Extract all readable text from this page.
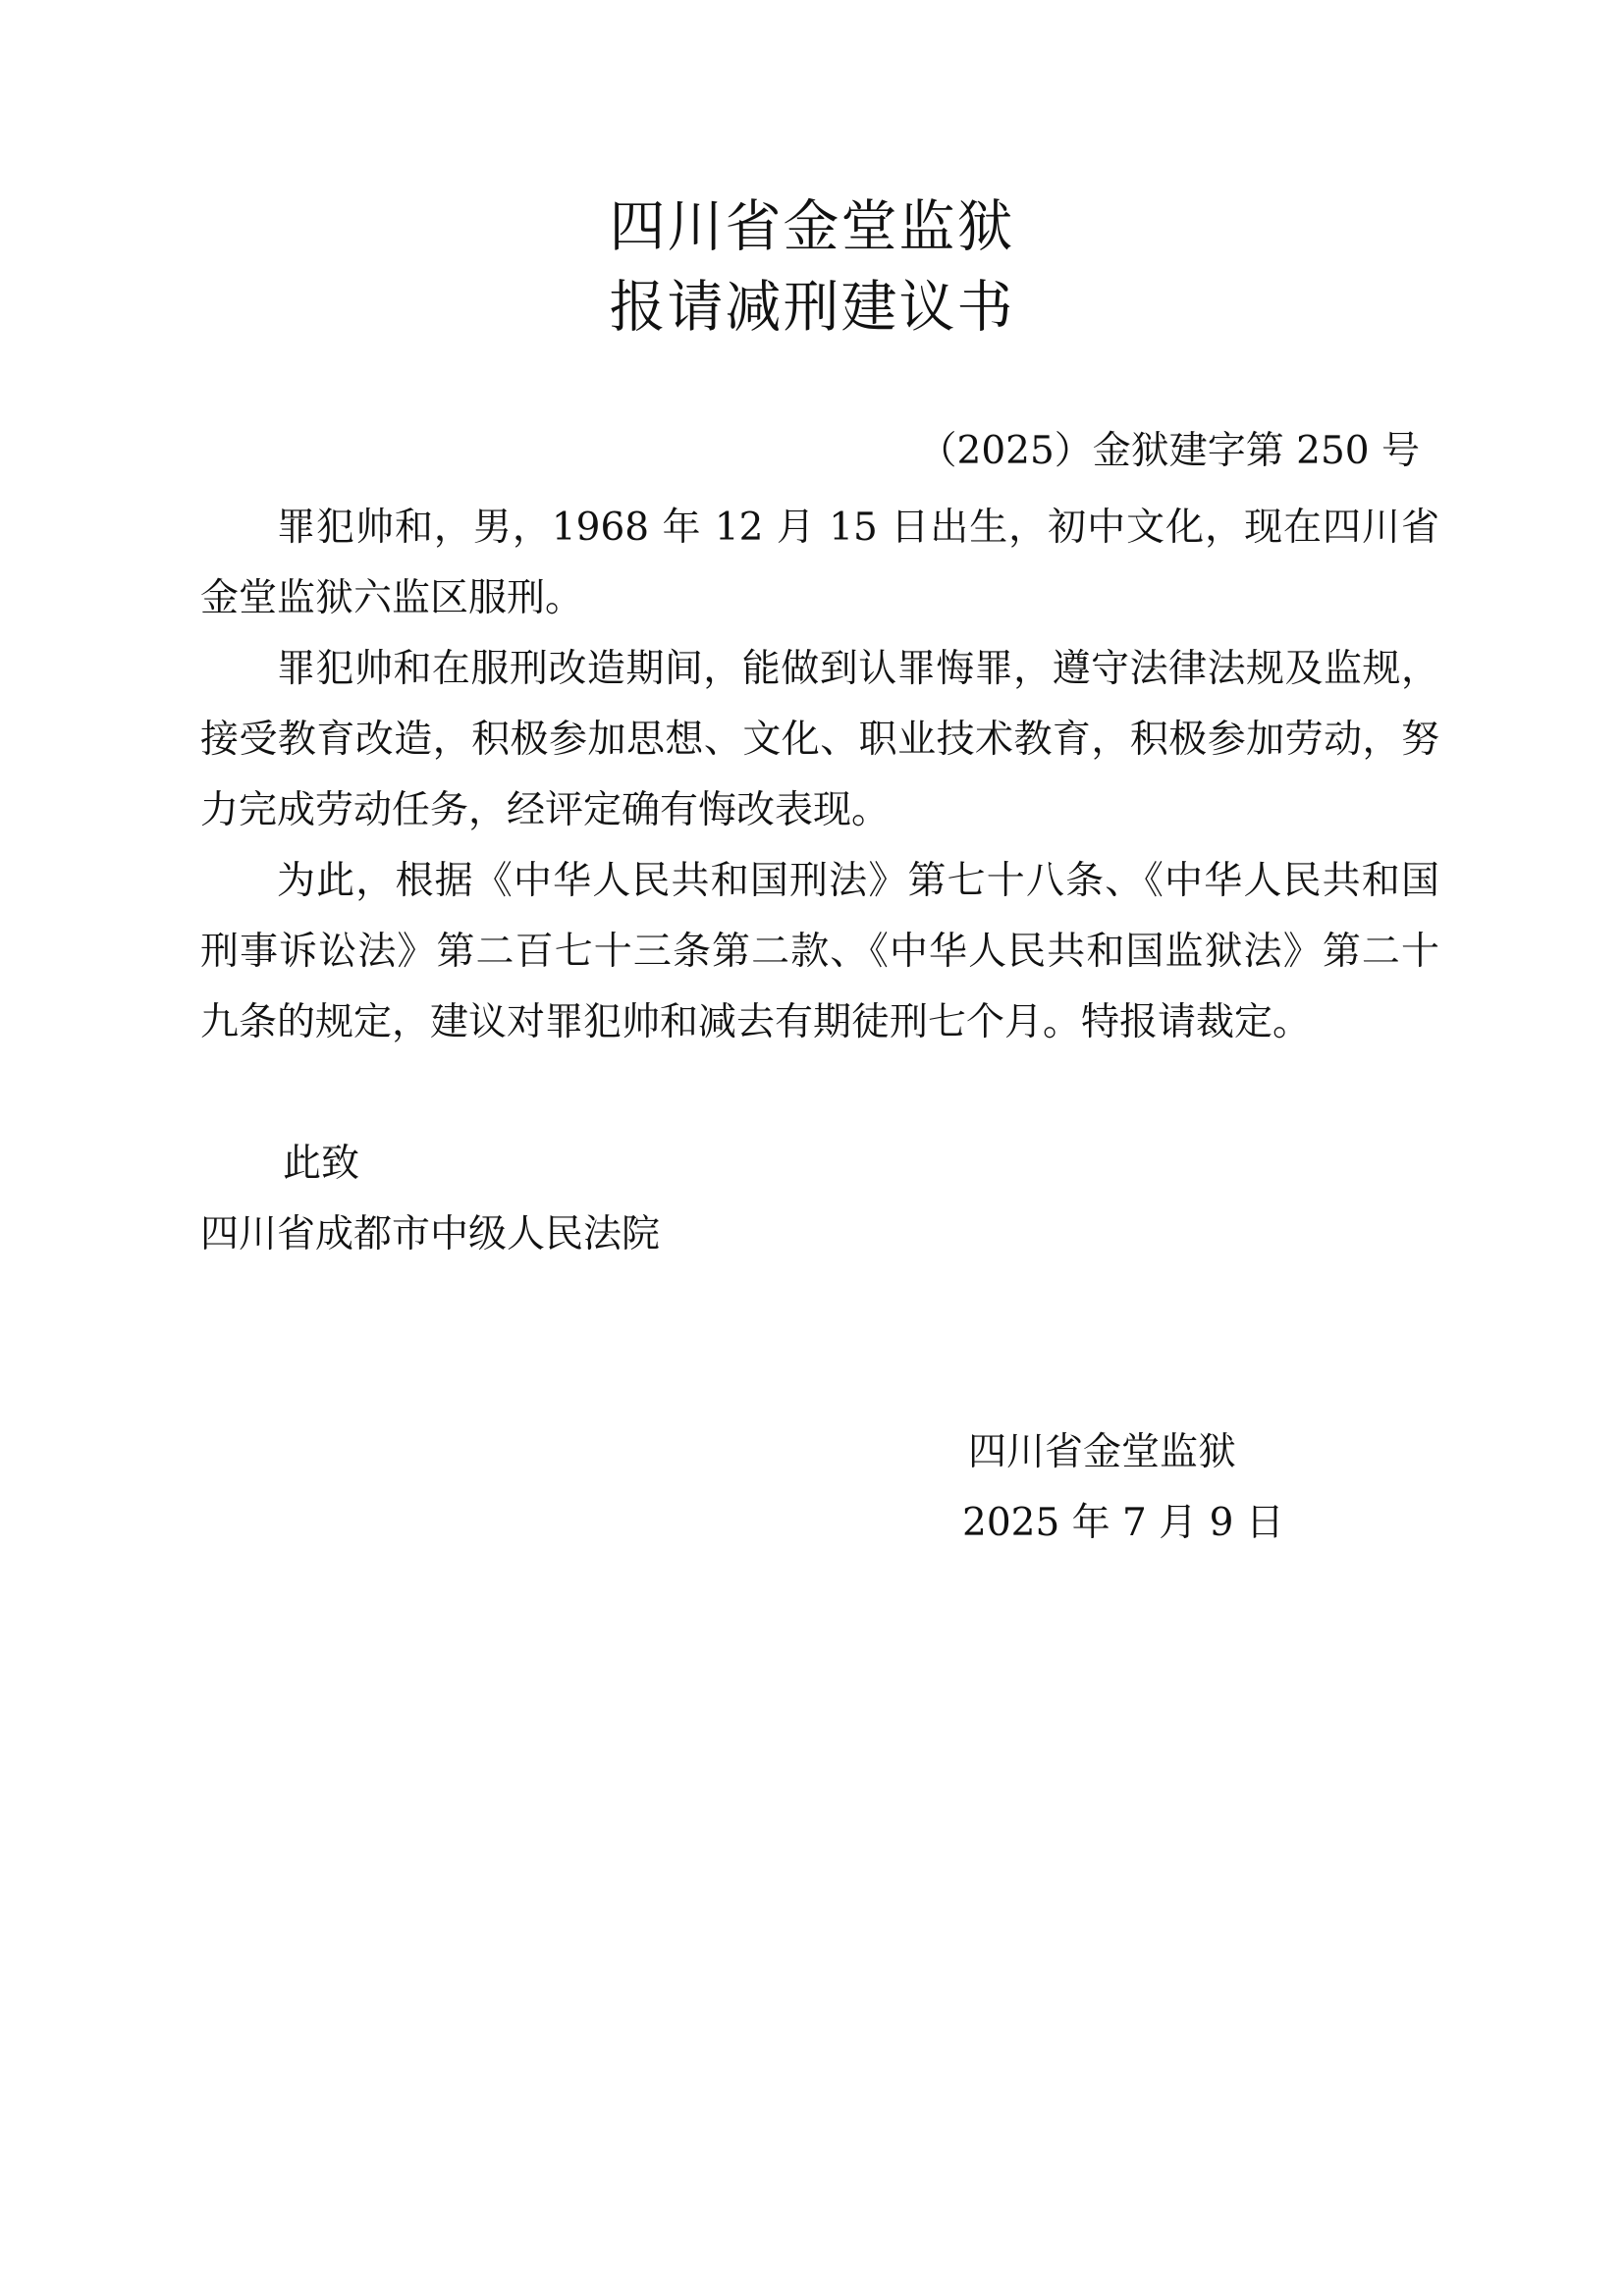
四川省金堂监狱
报请减刑建议书
（2025）金狱建字第 250 号

罪犯帅和，男，1968 年 12 月 15 日出生，初中文化，现在四川省金堂监狱六监区服刑。

罪犯帅和在服刑改造期间，能做到认罪悔罪，遵守法律法规及监规，接受教育改造，积极参加思想、文化、职业技术教育，积极参加劳动，努力完成劳动任务，经评定确有悔改表现。

为此，根据《中华人民共和国刑法》第七十八条、《中华人民共和国刑事诉讼法》第二百七十三条第二款、《中华人民共和国监狱法》第二十九条的规定，建议对罪犯帅和减去有期徒刑七个月。特报请裁定。

此致
四川省成都市中级人民法院
四川省金堂监狱
2025 年 7 月 9 日
